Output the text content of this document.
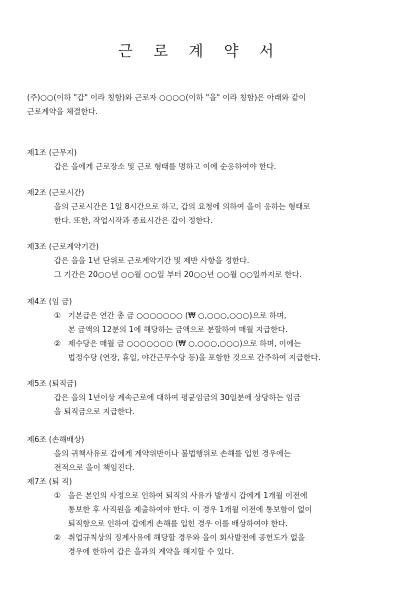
근 로 계 약 서
(주)○○(이하 "갑" 이라 칭함)와 근로자 ○○○○(이하 "을" 이라 칭함)은 아래와 같이
근로계약을 체결한다.
제1조 (근무지)
갑은 을에게 근로장소 및 근로 형태를 명하고 이에 순응하여야 한다.
제2조 (근로시간)
을의 근로시간은 1일 8시간으로 하고, 갑의 요청에 의하여 을이 응하는 형태로
한다. 또한, 작업시작과 종료시간은 갑이 정한다.
제3조 (근로계약기간)
갑은 을을 1년 단위로 근로계약기간 및 제반 사항을 정한다.
그 기간은 20○○년 ○○월 ○○일 부터 20○○년 ○○월 ○○일까지로 한다.
제4조 (임 금)
① 기본급은 연간 총 금 ○○○○○○○ (₩ ○,○○○,○○○)으로 하며,
본 금액의 12분의 1에 해당하는 금액으로 분할하여 매월 지급한다.
② 제수당은 매월 금 ○○○○○○○ (₩ ○,○○○,○○○)으로 하며, 이에는
법정수당 (연장, 휴일, 야간근무수당 등)을 포함한 것으로 간주하여 지급한다.
제5조 (퇴직금)
갑은 을의 1년이상 계속근로에 대하여 평균임금의 30일분에 상당하는 임금
을 퇴직금으로 지급한다.
제6조 (손해배상)
을의 귀책사유로 갑에게 계약위반이나 불법행위로 손해를 입힌 경우에는
전적으로 을이 책임진다.
제7조 (퇴 직)
① 을은 본인의 사정으로 인하여 퇴직의 사유가 발생시 갑에게 1개월 이전에
통보한 후 사직원을 제출하여야 한다. 이 경우 1개월 이전에 통보함이 없이
퇴직함으로 인하여 갑에게 손해를 입힌 경우 이를 배상하여야 한다.
② 취업규칙상의 징계사유에 해당할 경우와 을이 회사발전에 공헌도가 없을
경우에 한하여 갑은 을과의 계약을 해지할 수 있다.
